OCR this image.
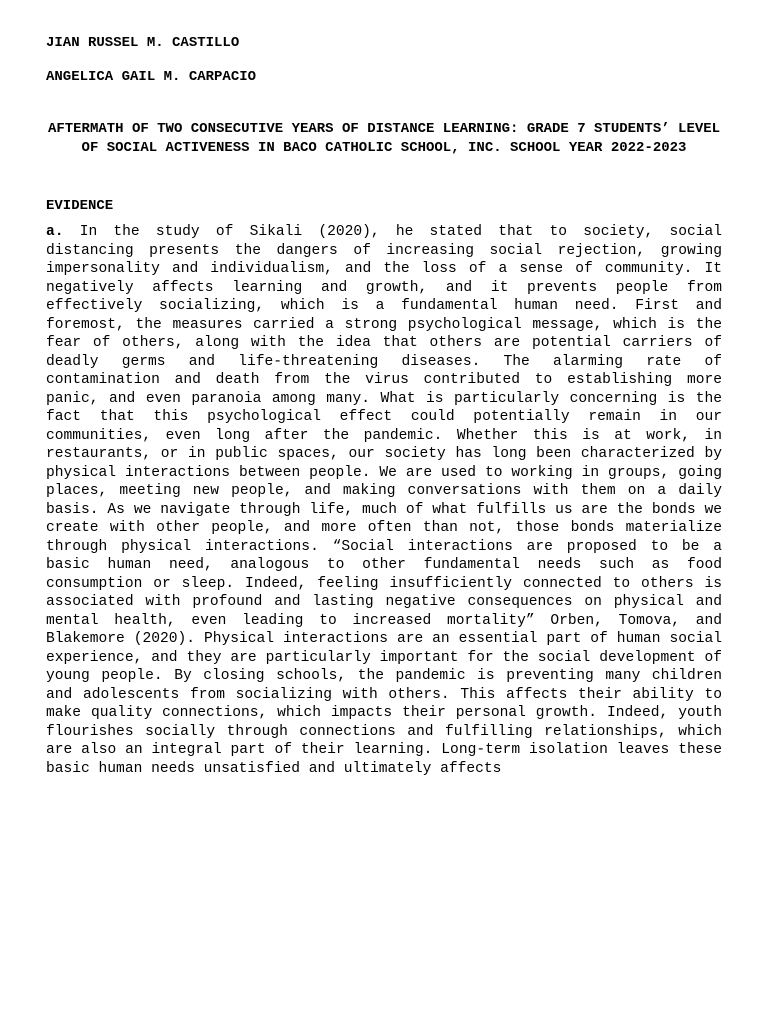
JIAN RUSSEL M. CASTILLO
ANGELICA GAIL M. CARPACIO
AFTERMATH OF TWO CONSECUTIVE YEARS OF DISTANCE LEARNING: GRADE 7 STUDENTS’ LEVEL OF SOCIAL ACTIVENESS IN BACO CATHOLIC SCHOOL, INC. SCHOOL YEAR 2022-2023
EVIDENCE

a. In the study of Sikali (2020), he stated that to society, social distancing presents the dangers of increasing social rejection, growing impersonality and individualism, and the loss of a sense of community. It negatively affects learning and growth, and it prevents people from effectively socializing, which is a fundamental human need. First and foremost, the measures carried a strong psychological message, which is the fear of others, along with the idea that others are potential carriers of deadly germs and life-threatening diseases. The alarming rate of contamination and death from the virus contributed to establishing more panic, and even paranoia among many. What is particularly concerning is the fact that this psychological effect could potentially remain in our communities, even long after the pandemic. Whether this is at work, in restaurants, or in public spaces, our society has long been characterized by physical interactions between people. We are used to working in groups, going places, meeting new people, and making conversations with them on a daily basis. As we navigate through life, much of what fulfills us are the bonds we create with other people, and more often than not, those bonds materialize through physical interactions. “Social interactions are proposed to be a basic human need, analogous to other fundamental needs such as food consumption or sleep. Indeed, feeling insufficiently connected to others is associated with profound and lasting negative consequences on physical and mental health, even leading to increased mortality” Orben, Tomova, and Blakemore (2020). Physical interactions are an essential part of human social experience, and they are particularly important for the social development of young people. By closing schools, the pandemic is preventing many children and adolescents from socializing with others. This affects their ability to make quality connections, which impacts their personal growth. Indeed, youth flourishes socially through connections and fulfilling relationships, which are also an integral part of their learning. Long-term isolation leaves these basic human needs unsatisfied and ultimately affects
